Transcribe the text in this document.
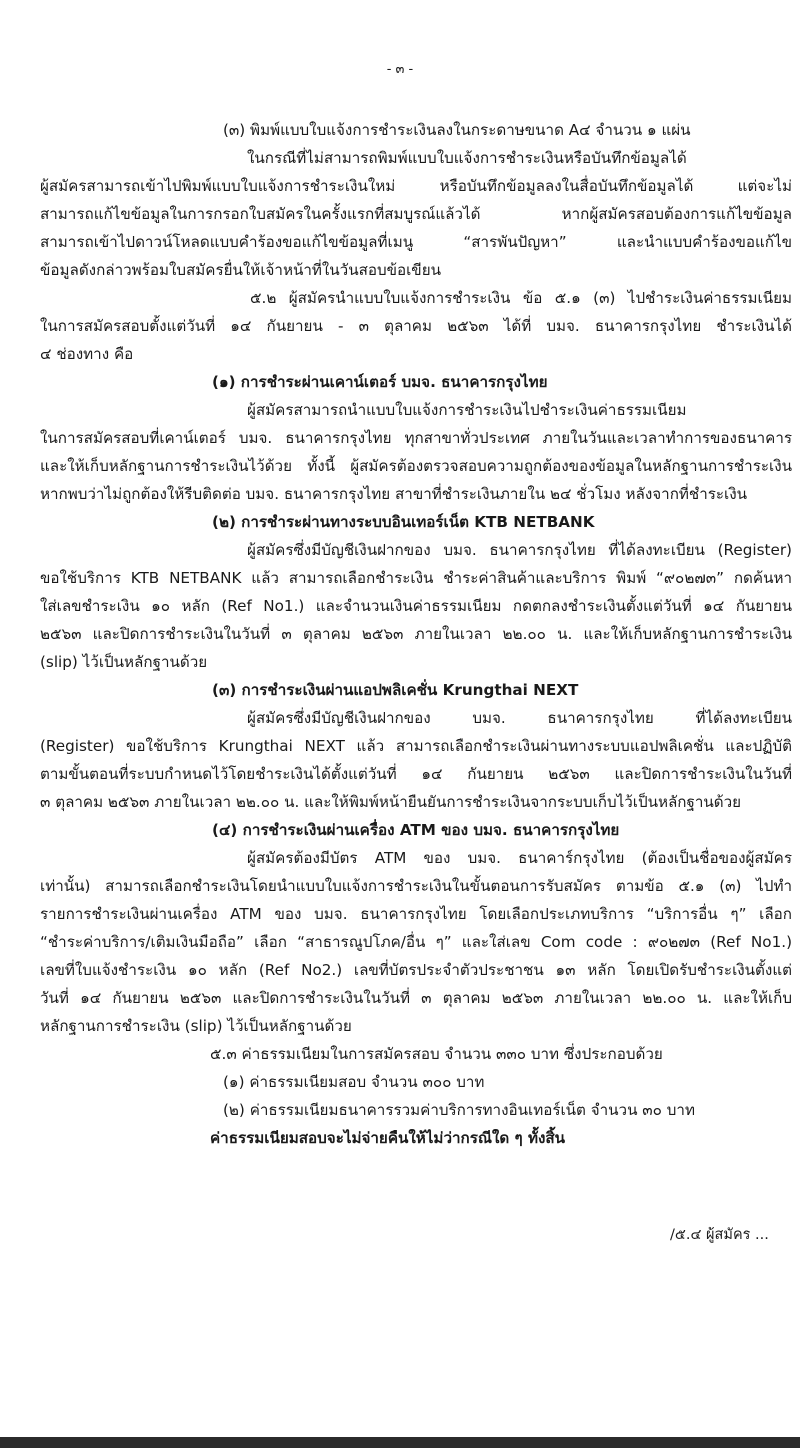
- ๓ -
(๓) พิมพ์แบบใบแจ้งการชำระเงินลงในกระดาษขนาด A๔ จำนวน ๑ แผ่น
ในกรณีที่ไม่สามารถพิมพ์แบบใบแจ้งการชำระเงินหรือบันทึกข้อมูลได้
ผู้สมัครสามารถเข้าไปพิมพ์แบบใบแจ้งการชำระเงินใหม่ หรือบันทึกข้อมูลลงในสื่อบันทึกข้อมูลได้ แต่จะไม่
สามารถแก้ไขข้อมูลในการกรอกใบสมัครในครั้งแรกที่สมบูรณ์แล้วได้ หากผู้สมัครสอบต้องการแก้ไขข้อมูล
สามารถเข้าไปดาวน์โหลดแบบคำร้องขอแก้ไขข้อมูลที่เมนู “สารพันปัญหา” และนำแบบคำร้องขอแก้ไข
ข้อมูลดังกล่าวพร้อมใบสมัครยื่นให้เจ้าหน้าที่ในวันสอบข้อเขียน
๕.๒ ผู้สมัครนำแบบใบแจ้งการชำระเงิน ข้อ ๕.๑ (๓) ไปชำระเงินค่าธรรมเนียม
ในการสมัครสอบตั้งแต่วันที่ ๑๔ กันยายน - ๓ ตุลาคม ๒๕๖๓ ได้ที่ บมจ. ธนาคารกรุงไทย ชำระเงินได้
๔ ช่องทาง คือ
(๑) การชำระผ่านเคาน์เตอร์ บมจ. ธนาคารกรุงไทย
ผู้สมัครสามารถนำแบบใบแจ้งการชำระเงินไปชำระเงินค่าธรรมเนียม
ในการสมัครสอบที่เคาน์เตอร์ บมจ. ธนาคารกรุงไทย ทุกสาขาทั่วประเทศ ภายในวันและเวลาทำการของธนาคาร
และให้เก็บหลักฐานการชำระเงินไว้ด้วย ทั้งนี้ ผู้สมัครต้องตรวจสอบความถูกต้องของข้อมูลในหลักฐานการชำระเงิน
หากพบว่าไม่ถูกต้องให้รีบติดต่อ บมจ. ธนาคารกรุงไทย สาขาที่ชำระเงินภายใน ๒๔ ชั่วโมง หลังจากที่ชำระเงิน
(๒) การชำระผ่านทางระบบอินเทอร์เน็ต KTB NETBANK
ผู้สมัครซึ่งมีบัญชีเงินฝากของ บมจ. ธนาคารกรุงไทย ที่ได้ลงทะเบียน (Register)
ขอใช้บริการ KTB NETBANK แล้ว สามารถเลือกชำระเงิน ชำระค่าสินค้าและบริการ พิมพ์ “๙๐๒๗๓” กดค้นหา
ใส่เลขชำระเงิน ๑๐ หลัก (Ref No1.) และจำนวนเงินค่าธรรมเนียม กดตกลงชำระเงินตั้งแต่วันที่ ๑๔ กันยายน
๒๕๖๓ และปิดการชำระเงินในวันที่ ๓ ตุลาคม ๒๕๖๓ ภายในเวลา ๒๒.๐๐ น. และให้เก็บหลักฐานการชำระเงิน
(slip) ไว้เป็นหลักฐานด้วย
(๓) การชำระเงินผ่านแอปพลิเคชั่น Krungthai NEXT
ผู้สมัครซึ่งมีบัญชีเงินฝากของ บมจ. ธนาคารกรุงไทย ที่ได้ลงทะเบียน
(Register) ขอใช้บริการ Krungthai NEXT แล้ว สามารถเลือกชำระเงินผ่านทางระบบแอปพลิเคชั่น และปฏิบัติ
ตามขั้นตอนที่ระบบกำหนดไว้โดยชำระเงินได้ตั้งแต่วันที่ ๑๔ กันยายน ๒๕๖๓ และปิดการชำระเงินในวันที่
๓ ตุลาคม ๒๕๖๓ ภายในเวลา ๒๒.๐๐ น. และให้พิมพ์หน้ายืนยันการชำระเงินจากระบบเก็บไว้เป็นหลักฐานด้วย
(๔) การชำระเงินผ่านเครื่อง ATM ของ บมจ. ธนาคารกรุงไทย
ผู้สมัครต้องมีบัตร ATM ของ บมจ. ธนาคาร์กรุงไทย (ต้องเป็นชื่อของผู้สมัคร
เท่านั้น) สามารถเลือกชำระเงินโดยนำแบบใบแจ้งการชำระเงินในขั้นตอนการรับสมัคร ตามข้อ ๕.๑ (๓) ไปทำ
รายการชำระเงินผ่านเครื่อง ATM ของ บมจ. ธนาคารกรุงไทย โดยเลือกประเภทบริการ “บริการอื่น ๆ” เลือก
“ชำระค่าบริการ/เติมเงินมือถือ” เลือก “สาธารณูปโภค/อื่น ๆ” และใส่เลข Com code : ๙๐๒๗๓ (Ref No1.)
เลขที่ใบแจ้งชำระเงิน ๑๐ หลัก (Ref No2.) เลขที่บัตรประจำตัวประชาชน ๑๓ หลัก โดยเปิดรับชำระเงินตั้งแต่
วันที่ ๑๔ กันยายน ๒๕๖๓ และปิดการชำระเงินในวันที่ ๓ ตุลาคม ๒๕๖๓ ภายในเวลา ๒๒.๐๐ น. และให้เก็บ
หลักฐานการชำระเงิน (slip) ไว้เป็นหลักฐานด้วย
๕.๓ ค่าธรรมเนียมในการสมัครสอบ จำนวน ๓๓๐ บาท ซึ่งประกอบด้วย
(๑) ค่าธรรมเนียมสอบ จำนวน ๓๐๐ บาท
(๒) ค่าธรรมเนียมธนาคารรวมค่าบริการทางอินเทอร์เน็ต จำนวน ๓๐ บาท
ค่าธรรมเนียมสอบจะไม่จ่ายคืนให้ไม่ว่ากรณีใด ๆ ทั้งสิ้น
/๕.๔ ผู้สมัคร ...
